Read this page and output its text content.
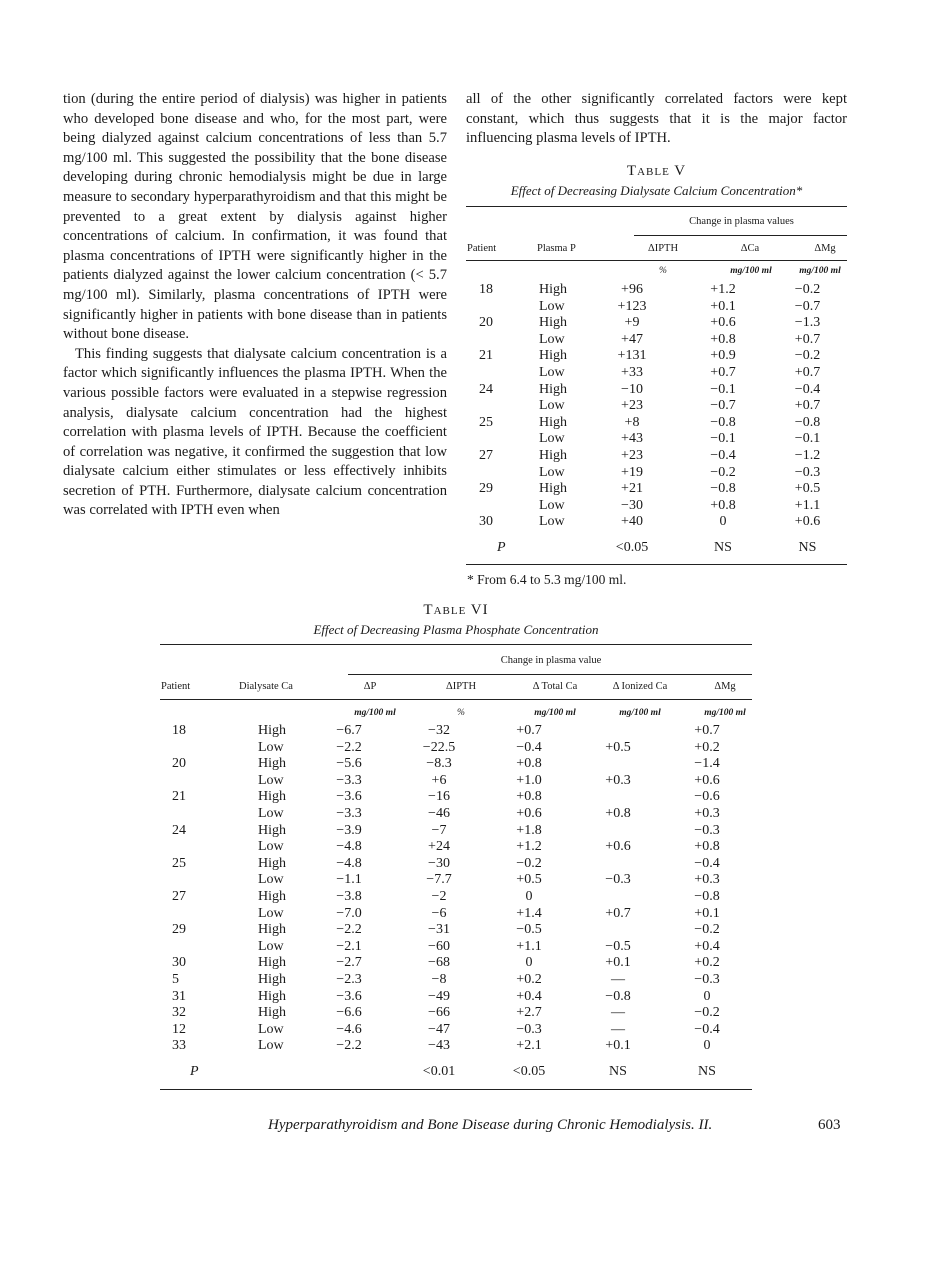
tion (during the entire period of dialysis) was higher in patients who developed bone disease and who, for the most part, were being dialyzed against calcium concentrations of less than 5.7 mg/100 ml. This suggested the possibility that the bone disease developing during chronic hemodialysis might be due in large measure to secondary hyperparathyroidism and that this might be prevented to a great extent by dialysis against higher concentrations of calcium. In confirmation, it was found that plasma concentrations of IPTH were significantly higher in the patients dialyzed against the lower calcium concentration (< 5.7 mg/100 ml). Similarly, plasma concentrations of IPTH were significantly higher in patients with bone disease than in patients without bone disease.

This finding suggests that dialysate calcium concentration is a factor which significantly influences the plasma IPTH. When the various possible factors were evaluated in a stepwise regression analysis, dialysate calcium concentration had the highest correlation with plasma levels of IPTH. Because the coefficient of correlation was negative, it confirmed the suggestion that low dialysate calcium either stimulates or less effectively inhibits secretion of PTH. Furthermore, dialysate calcium concentration was correlated with IPTH even when

all of the other significantly correlated factors were kept constant, which thus suggests that it is the major factor influencing plasma levels of IPTH.

Table V
Effect of Decreasing Dialysate Calcium Concentration*
Change in plasma values
Patient	Plasma P	ΔIPTH	ΔCa	ΔMg
%	mg/100 ml	mg/100 ml
18	High	+96	+1.2	−0.2
	Low	+123	+0.1	−0.7
20	High	+9	+0.6	−1.3
	Low	+47	+0.8	+0.7
21	High	+131	+0.9	−0.2
	Low	+33	+0.7	+0.7
24	High	−10	−0.1	−0.4
	Low	+23	−0.7	+0.7
25	High	+8	−0.8	−0.8
	Low	+43	−0.1	−0.1
27	High	+23	−0.4	−1.2
	Low	+19	−0.2	−0.3
29	High	+21	−0.8	+0.5
	Low	−30	+0.8	+1.1
30	Low	+40	0	+0.6

P		<0.05	NS	NS
* From 6.4 to 5.3 mg/100 ml.
Table VI
Effect of Decreasing Plasma Phosphate Concentration
Change in plasma value
Patient	Dialysate Ca	ΔP	ΔIPTH	Δ Total Ca	Δ Ionized Ca	ΔMg
mg/100 ml	%	mg/100 ml	mg/100 ml	mg/100 ml
18	High	−6.7	−32	+0.7		+0.7
	Low	−2.2	−22.5	−0.4	+0.5	+0.2
20	High	−5.6	−8.3	+0.8		−1.4
	Low	−3.3	+6	+1.0	+0.3	+0.6
21	High	−3.6	−16	+0.8		−0.6
	Low	−3.3	−46	+0.6	+0.8	+0.3
24	High	−3.9	−7	+1.8		−0.3
	Low	−4.8	+24	+1.2	+0.6	+0.8
25	High	−4.8	−30	−0.2		−0.4
	Low	−1.1	−7.7	+0.5	−0.3	+0.3
27	High	−3.8	−2	0		−0.8
	Low	−7.0	−6	+1.4	+0.7	+0.1
29	High	−2.2	−31	−0.5		−0.2
	Low	−2.1	−60	+1.1	−0.5	+0.4
30	High	−2.7	−68	0	+0.1	+0.2
5	High	−2.3	−8	+0.2	—	−0.3
31	High	−3.6	−49	+0.4	−0.8	0
32	High	−6.6	−66	+2.7	—	−0.2
12	Low	−4.6	−47	−0.3	—	−0.4
33	Low	−2.2	−43	+2.1	+0.1	0

P			<0.01	<0.05	NS	NS
Hyperparathyroidism and Bone Disease during Chronic Hemodialysis. II.	603
